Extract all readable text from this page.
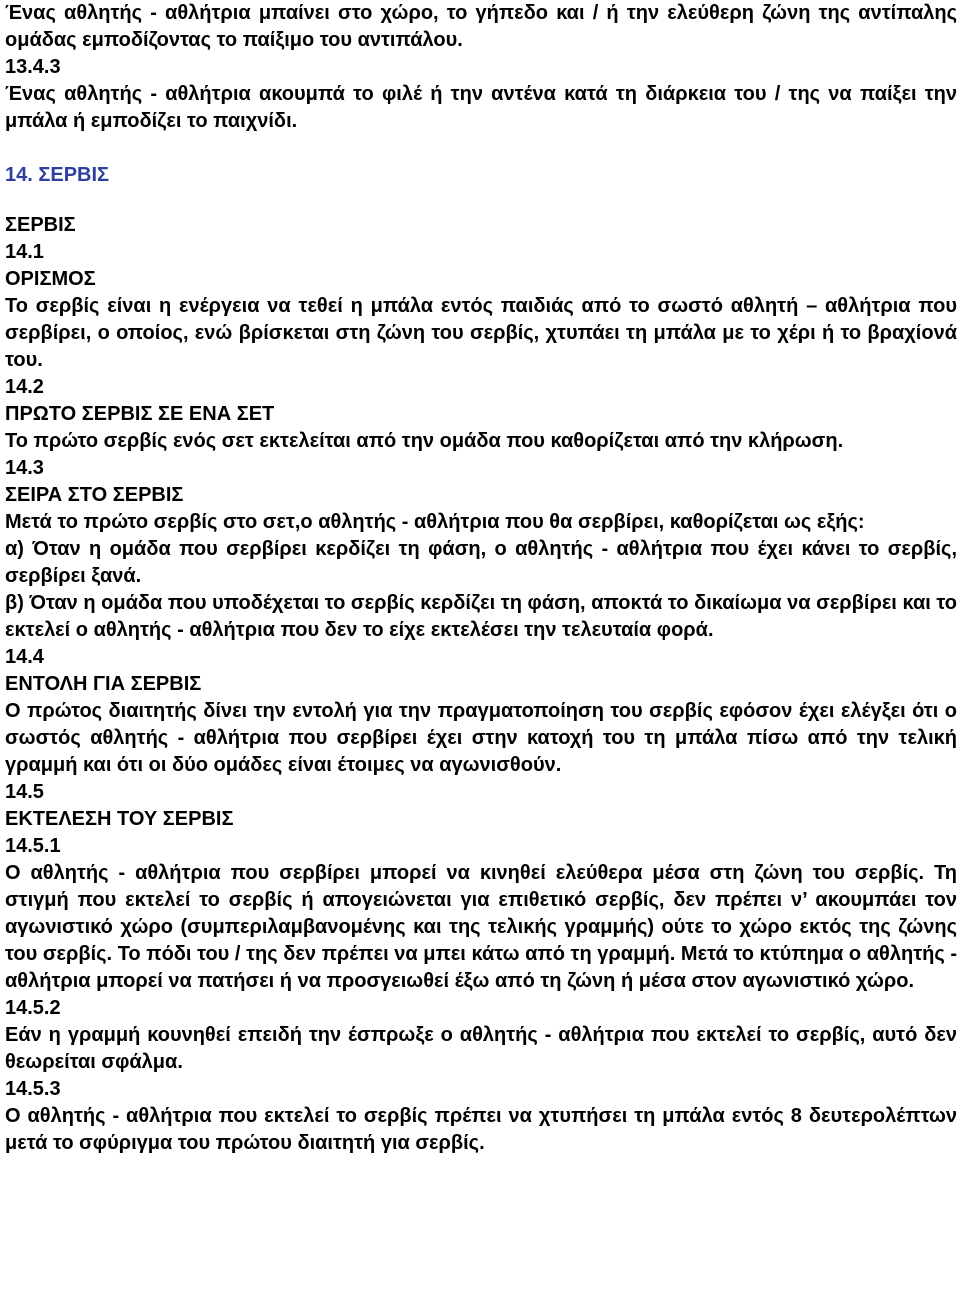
Ένας αθλητής - αθλήτρια μπαίνει στο χώρο, το γήπεδο και / ή την ελεύθερη ζώνη της αντίπαλης ομάδας εμποδίζοντας το παίξιμο του αντιπάλου.

13.4.3

Ένας αθλητής - αθλήτρια ακουμπά το φιλέ ή την αντένα κατά τη διάρκεια του / της να παίξει την μπάλα ή εμποδίζει το παιχνίδι.

14. ΣΕΡΒΙΣ

ΣΕΡΒΙΣ

14.1

ΟΡΙΣΜΟΣ

Το σερβίς είναι η ενέργεια να τεθεί η μπάλα εντός παιδιάς από το σωστό αθλητή – αθλήτρια που σερβίρει, ο οποίος, ενώ βρίσκεται στη ζώνη του σερβίς, χτυπάει τη μπάλα με το χέρι ή το βραχίονά του.

14.2

ΠΡΩΤΟ ΣΕΡΒΙΣ ΣΕ ΕΝΑ ΣΕΤ

Το πρώτο σερβίς ενός σετ εκτελείται από την ομάδα που καθορίζεται από την κλήρωση.

14.3

ΣΕΙΡΑ ΣΤΟ ΣΕΡΒΙΣ

Μετά το πρώτο σερβίς στο σετ,ο αθλητής - αθλήτρια που θα σερβίρει, καθορίζεται ως εξής:

α) Όταν η ομάδα που σερβίρει κερδίζει τη φάση, ο αθλητής - αθλήτρια που έχει κάνει το σερβίς, σερβίρει ξανά.

β) Όταν η ομάδα που υποδέχεται το σερβίς κερδίζει τη φάση, αποκτά το δικαίωμα να σερβίρει και το εκτελεί ο αθλητής - αθλήτρια που δεν το είχε εκτελέσει την τελευταία φορά.

14.4

ΕΝΤΟΛΗ ΓΙΑ ΣΕΡΒΙΣ

Ο πρώτος διαιτητής δίνει την εντολή για την πραγματοποίηση του σερβίς εφόσον έχει ελέγξει ότι ο σωστός αθλητής - αθλήτρια που σερβίρει έχει στην κατοχή του τη μπάλα πίσω από την τελική γραμμή και ότι οι δύο ομάδες είναι έτοιμες να αγωνισθούν.

14.5

ΕΚΤΕΛΕΣΗ ΤΟΥ ΣΕΡΒΙΣ

14.5.1

Ο αθλητής - αθλήτρια που σερβίρει μπορεί να κινηθεί ελεύθερα μέσα στη ζώνη του σερβίς. Τη στιγμή που εκτελεί το σερβίς ή απογειώνεται για επιθετικό σερβίς, δεν πρέπει ν’ ακουμπάει τον αγωνιστικό χώρο (συμπεριλαμβανομένης και της τελικής γραμμής) ούτε το χώρο εκτός της ζώνης του σερβίς. Το πόδι του / της δεν πρέπει να μπει κάτω από τη γραμμή. Μετά το κτύπημα ο αθλητής - αθλήτρια μπορεί να πατήσει ή να προσγειωθεί έξω από τη ζώνη ή μέσα στον αγωνιστικό χώρο.

14.5.2

Εάν η γραμμή κουνηθεί επειδή την έσπρωξε ο αθλητής - αθλήτρια που εκτελεί το σερβίς, αυτό δεν θεωρείται σφάλμα.

14.5.3

Ο αθλητής - αθλήτρια που εκτελεί το σερβίς πρέπει να χτυπήσει τη μπάλα εντός 8 δευτερολέπτων μετά το σφύριγμα του πρώτου διαιτητή για σερβίς.
